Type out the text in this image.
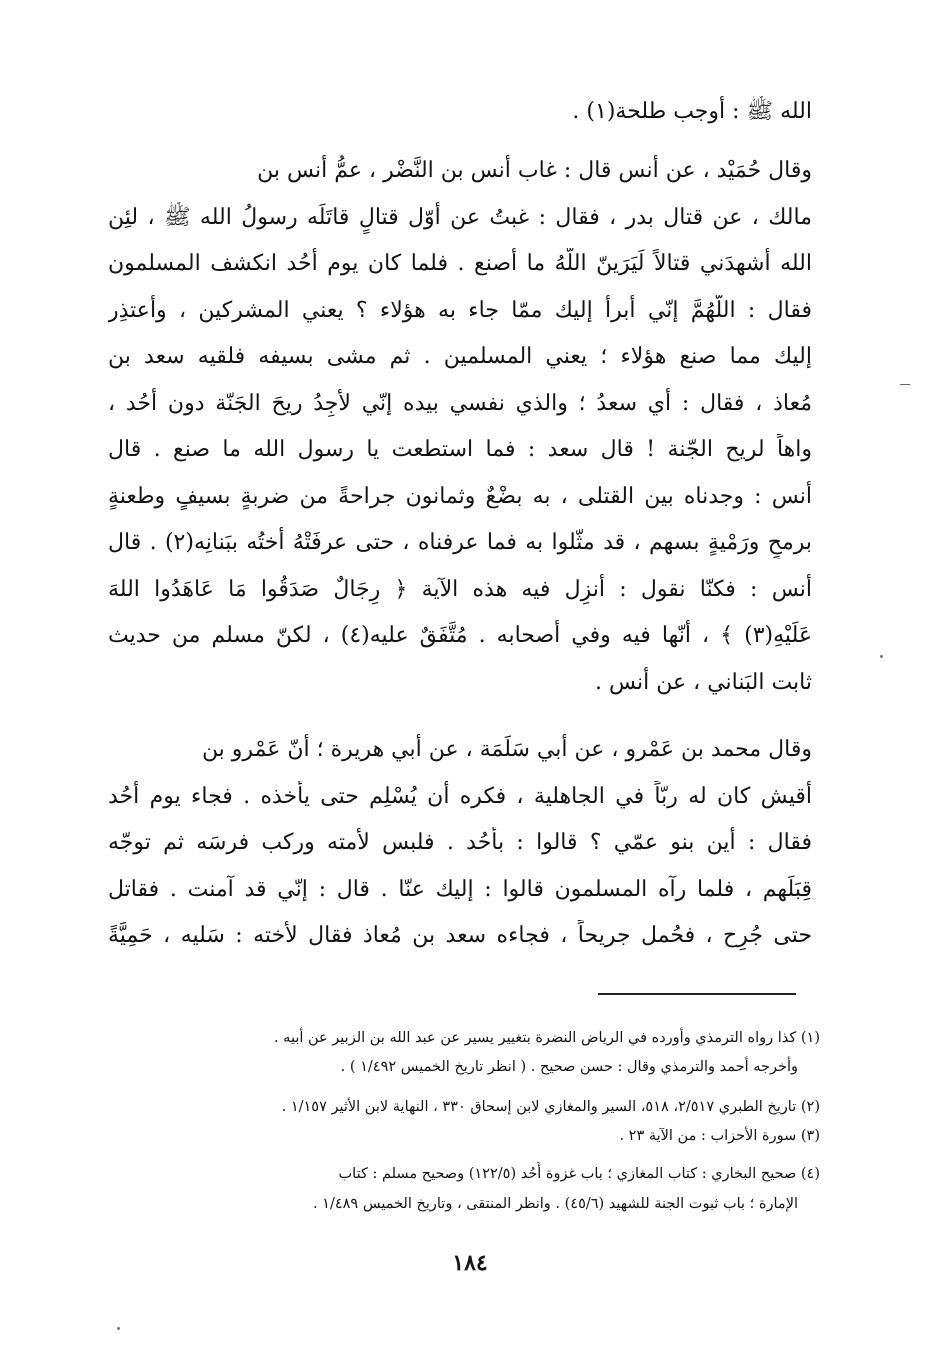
الله ﷺ : أوجب طلحة(١) .
وقال حُمَيْد ، عن أَنس قال : غاب أَنس بن النَّضْر ، عمُّ أَنس بن
مالك ، عن قتال بدر ، فقال : غبتُ عن أوّل قتالٍ قاتَلَه رسولُ الله ﷺ ، لئِن
الله أَشهدَني قتالاً لَيَرَينّ اللّهُ ما أصنع . فلما كان يوم أُحُد انكشف المسلمون
فقال : اللّهُمَّ إنّي أبرأ إليك ممّا جاء به هؤلاء ؟ يعني المشركين ، وأعتذِر
إليك مما صنع هؤلاء ؛ يعني المسلمين . ثم مشى بسيفه فلقيه سعد بن
مُعاذ ، فقال : أي سعدُ ؛ والذي نفسي بيده إنّي لأَجِدُ ريحَ الجَنّة دون أُحُد ،
واهاً لريح الجّنة ! قال سعد : فما استطعت يا رسول الله ما صنع . قال
أَنس : وجدناه بين القتلى ، به بضْعٌ وثمانون جراحةً من ضربةٍ بسيفٍ وطعنةٍ
برمحٍ ورَمْيةٍ بسهم ، قد مثّلوا به فما عرفناه ، حتى عرفَتْهُ أختُه ببَنانِه(٢) . قال
أَنس : فكنّا نقول : أُنزِل فيه هذه الآية ﴿ رِجَالٌ صَدَقُوا مَا عَاهَدُوا اللهَ
عَلَيْهِ(٣) ﴾ ، أنّها فيه وفي أصحابه . مُتَّفَقٌ عليه(٤) ، لكنّ مسلم من حديث
ثابت البَناني ، عن أَنس .
وقال محمد بن عَمْرو ، عن أبي سَلَمَة ، عن أبي هريرة ؛ أنّ عَمْرو بن
أقيش كان له ربّاً في الجاهلية ، فكره أن يُسْلِم حتى يأخذه . فجاء يوم أُحُد
فقال : أين بنو عمّي ؟ قالوا : بأُحُد . فلبس لأْمته وركب فرسَه ثم توجّه
قِبَلَهم ، فلما رآه المسلمون قالوا : إليك عنّا . قال : إنّي قد آمنت . فقاتل
حتى جُرِح ، فحُمل جريحاً ، فجاءه سعد بن مُعاذ فقال لأخته : سَليه ، حَمِيَّةً
(١) كذا رواه الترمذي وأورده في الرياض النضرة بتغيير يسير عن عبد الله بن الزبير عن أبيه .
وأخرجه أحمد والترمذي وقال : حسن صحيح . ( انظر تاريخ الخميس ١/٤٩٢ ) .
(٢) تاريخ الطبري ٢/٥١٧، ٥١٨، السير والمغازي لابن إسحاق ٣٣٠ ، النهاية لابن الأثير ١/١٥٧ .
(٣) سورة الأحزاب : من الآية ٢٣ .
(٤) صحيح البخاري : كتاب المغازي ؛ باب غزوة أُحُد (١٢٢/٥) وصحيح مسلم : كتاب
الإمارة ؛ باب ثبوت الجنة للشهيد (٤٥/٦) . وانظر المنتقى ، وتاريخ الخميس ١/٤٨٩ .
١٨٤
